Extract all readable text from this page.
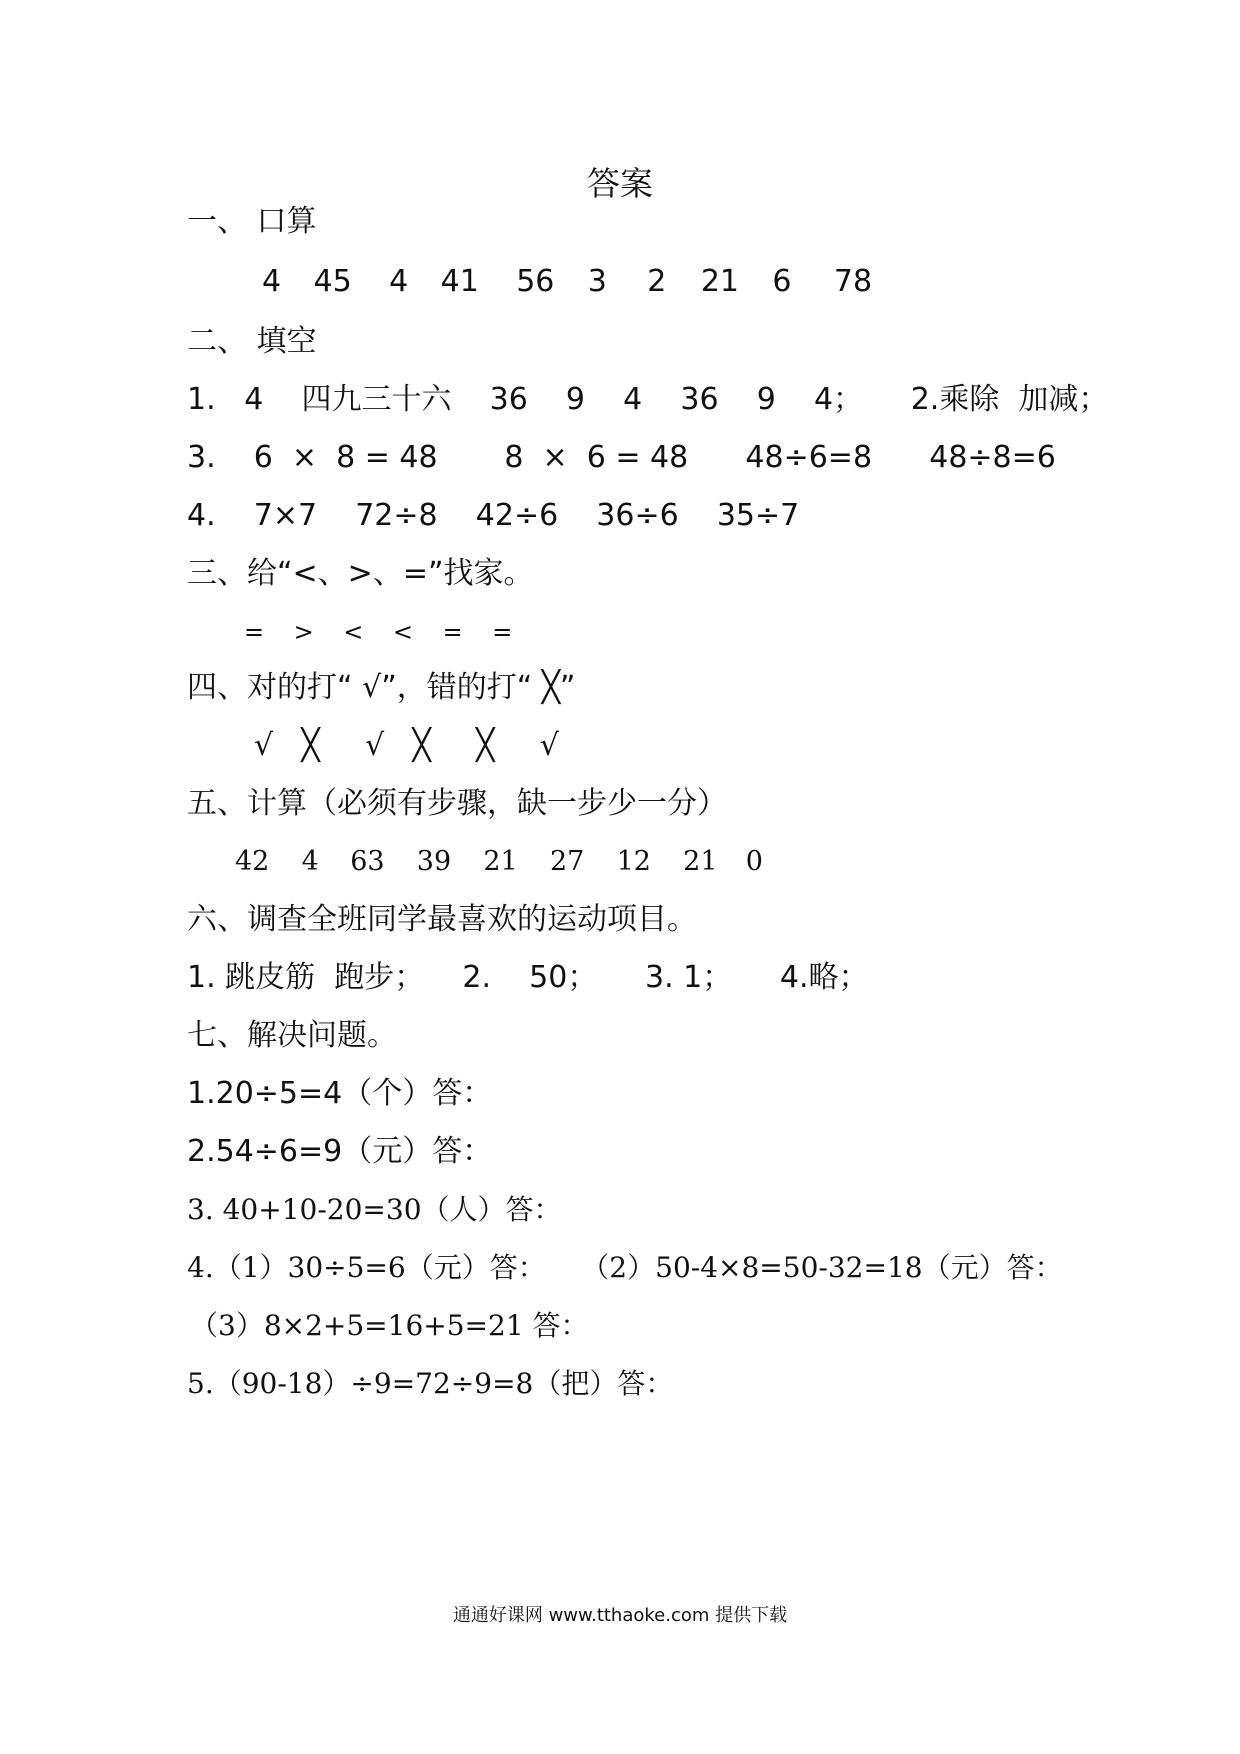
答案
一、 口算
4 45 4 41 56 3 2 21 6 78
二、 填空
1.   4    四九三十六    36    9    4    36    9    4；     2.乘除  加减；
3.    6  ×  8 = 48       8  ×  6 = 48      48÷6=8      48÷8=6
4.    7×7    72÷8    42÷6    36÷6    35÷7
三、给“<、>、=”找家。
= > < < = =
四、对的打“ √”，错的打“ ╳”
√ ╳ √ ╳ ╳ √
五、计算（必须有步骤，缺一步少一分）
42 4 63 39 21 27 12 21 0
六、调查全班同学最喜欢的运动项目。
1. 跳皮筋  跑步；    2.    50；     3. 1；     4.略；
七、解决问题。
1.20÷5=4（个）答：
2.54÷6=9（元）答：
3. 40+10-20=30（人）答：
4.（1）30÷5=6（元）答：    （2）50-4×8=50-32=18（元）答：
（3）8×2+5=16+5=21 答：
5.（90-18）÷9=72÷9=8（把）答：
通通好课网 www.tthaoke.com 提供下载
